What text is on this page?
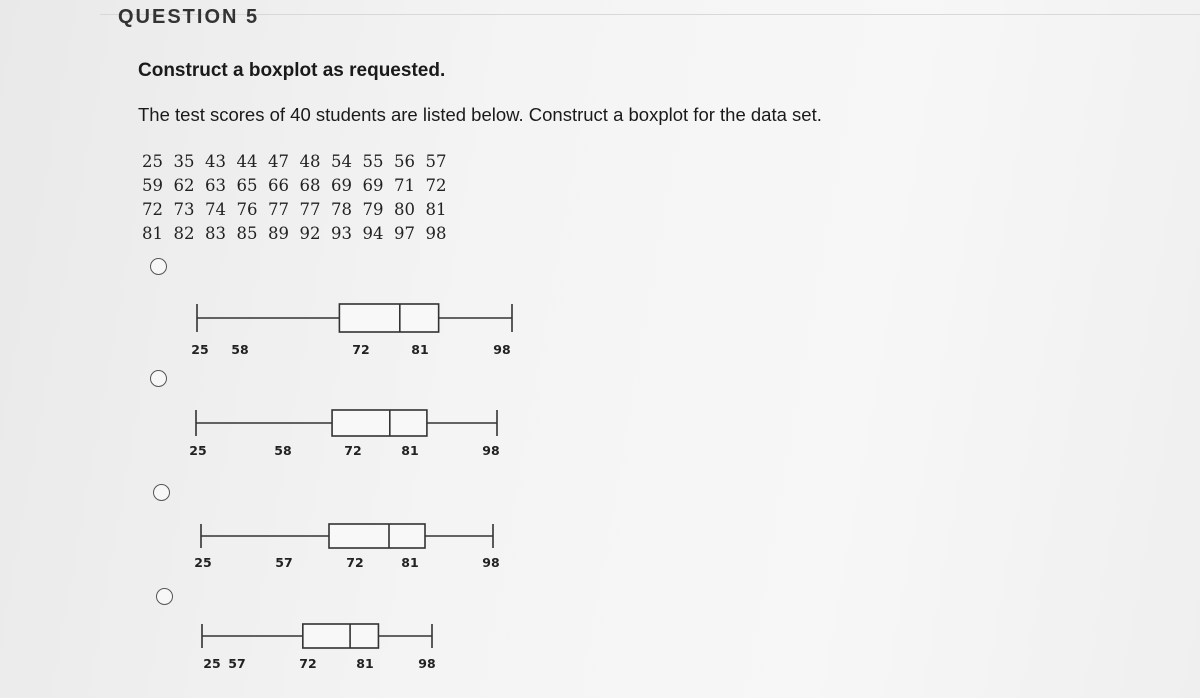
QUESTION 5
Construct a boxplot as requested.
The test scores of 40 students are listed below. Construct a boxplot for the data set.
25 35 43 44 47 48 54 55 56 57
59 62 63 65 66 68 69 69 71 72
72 73 74 76 77 77 78 79 80 81
81 82 83 85 89 92 93 94 97 98
25 58	72	81	98
25	58	72	81	98
25	57	72	81	98
25 57	72	81	98
